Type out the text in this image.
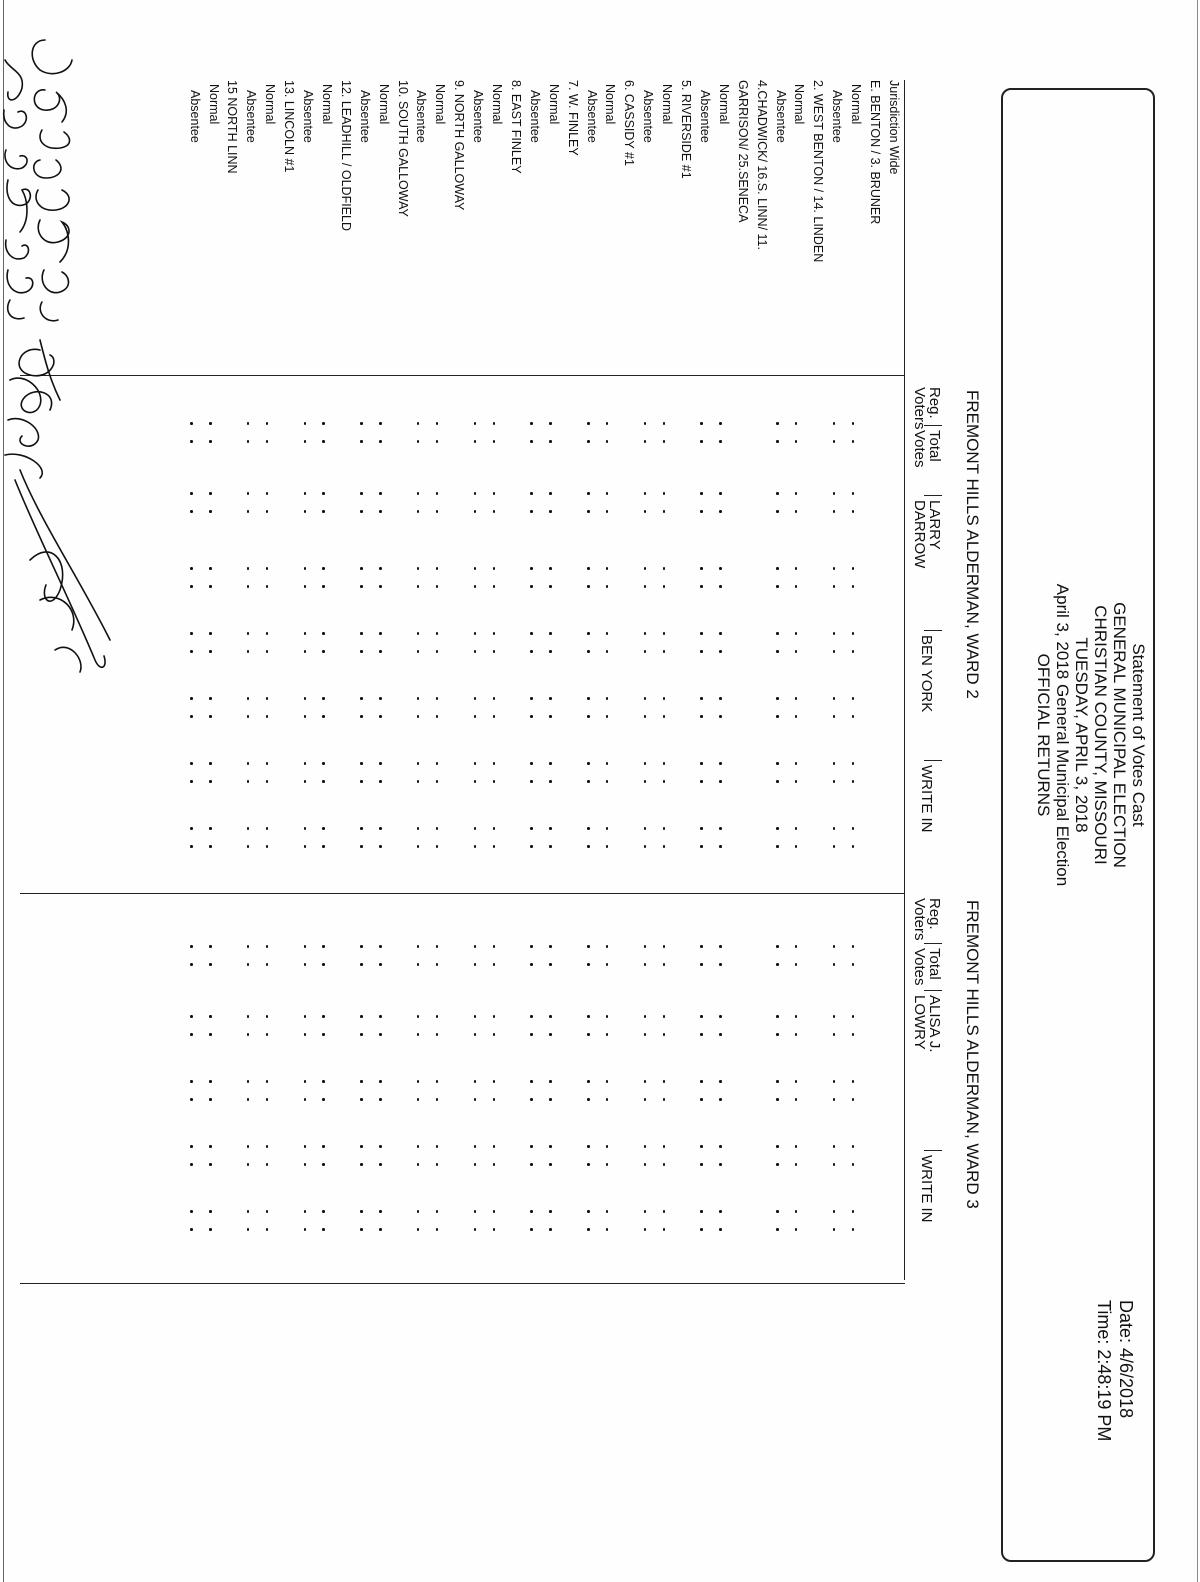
Statement of Votes Cast
GENERAL MUNICIPAL ELECTION
CHRISTIAN COUNTY, MISSOURI
TUESDAY, APRIL 3, 2018
April 3, 2018 General Municipal Election
OFFICIAL RETURNS
Date: 4/6/2018
Time: 2:48:19 PM
FREMONT HILLS ALDERMAN, WARD 2
FREMONT HILLS ALDERMAN, WARD 3
Reg.
Voters
Total
Votes
LARRY
DARROW
BEN YORK
WRITE IN
Reg.
Voters
Total
Votes
ALISA J.
LOWRY
WRITE IN
Jurisdiction Wide
E. BENTON / 3. BRUNER
Normal
Absentee
2. WEST BENTON / 14. LINDEN
Normal
Absentee
4.CHADWICK/ 16.S. LINN/ 11.
GARRISON/ 25.SENECA
Normal
Absentee
5. RIVERSIDE #1
Normal
Absentee
6. CASSIDY #1
Normal
Absentee
7. W. FINLEY
Normal
Absentee
8. EAST FINLEY
Normal
Absentee
9. NORTH GALLOWAY
Normal
Absentee
10. SOUTH GALLOWAY
Normal
Absentee
12. LEADHILL / OLDFIELD
Normal
Absentee
13. LINCOLN #1
Normal
Absentee
15 NORTH LINN
Normal
Absentee
